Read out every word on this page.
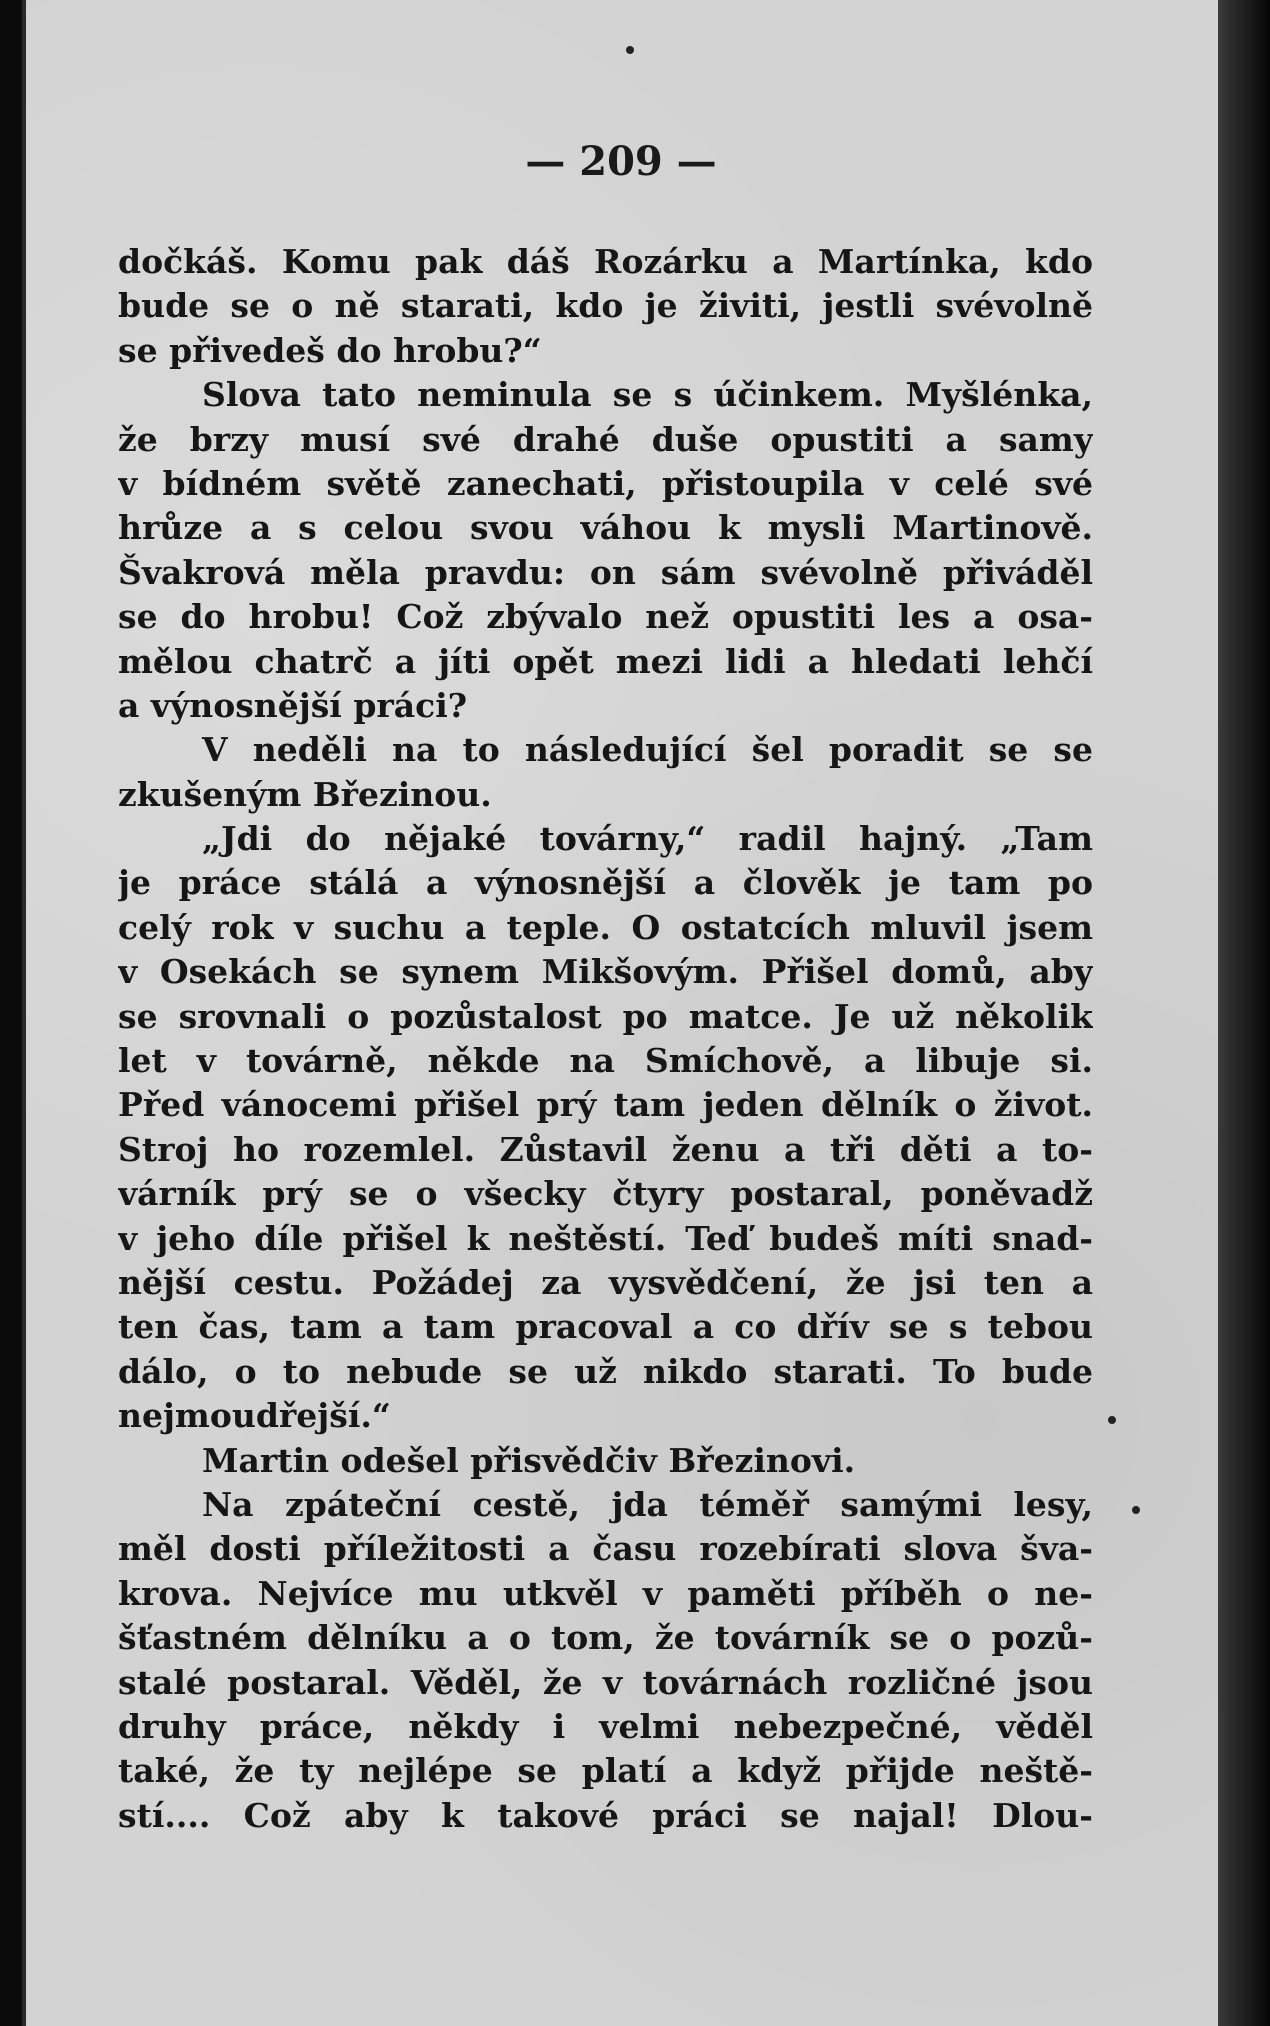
— 209 —
dočkáš. Komu pak dáš Rozárku a Martínka, kdo
bude se o ně starati, kdo je živiti, jestli svévolně
se přivedeš do hrobu?“
Slova tato neminula se s účinkem. Myšlénka,
že brzy musí své drahé duše opustiti a samy
v bídném světě zanechati, přistoupila v celé své
hrůze a s celou svou váhou k mysli Martinově.
Švakrová měla pravdu: on sám svévolně přiváděl
se do hrobu! Což zbývalo než opustiti les a osa-
mělou chatrč a jíti opět mezi lidi a hledati lehčí
a výnosnější práci?
V neděli na to následující šel poradit se se
zkušeným Březinou.
„Jdi do nějaké továrny,“ radil hajný. „Tam
je práce stálá a výnosnější a člověk je tam po
celý rok v suchu a teple. O ostatcích mluvil jsem
v Osekách se synem Mikšovým. Přišel domů, aby
se srovnali o pozůstalost po matce. Je už několik
let v továrně, někde na Smíchově, a libuje si.
Před vánocemi přišel prý tam jeden dělník o život.
Stroj ho rozemlel. Zůstavil ženu a tři děti a to-
várník prý se o všecky čtyry postaral, poněvadž
v jeho díle přišel k neštěstí. Teď budeš míti snad-
nější cestu. Požádej za vysvědčení, že jsi ten a
ten čas, tam a tam pracoval a co dřív se s tebou
dálo, o to nebude se už nikdo starati. To bude
nejmoudřejší.“
Martin odešel přisvědčiv Březinovi.
Na zpáteční cestě, jda téměř samými lesy,
měl dosti příležitosti a času rozebírati slova šva-
krova. Nejvíce mu utkvěl v paměti příběh o ne-
šťastném dělníku a o tom, že továrník se o pozů-
stalé postaral. Věděl, že v továrnách rozličné jsou
druhy práce, někdy i velmi nebezpečné, věděl
také, že ty nejlépe se platí a když přijde neště-
stí.... Což aby k takové práci se najal! Dlou-
